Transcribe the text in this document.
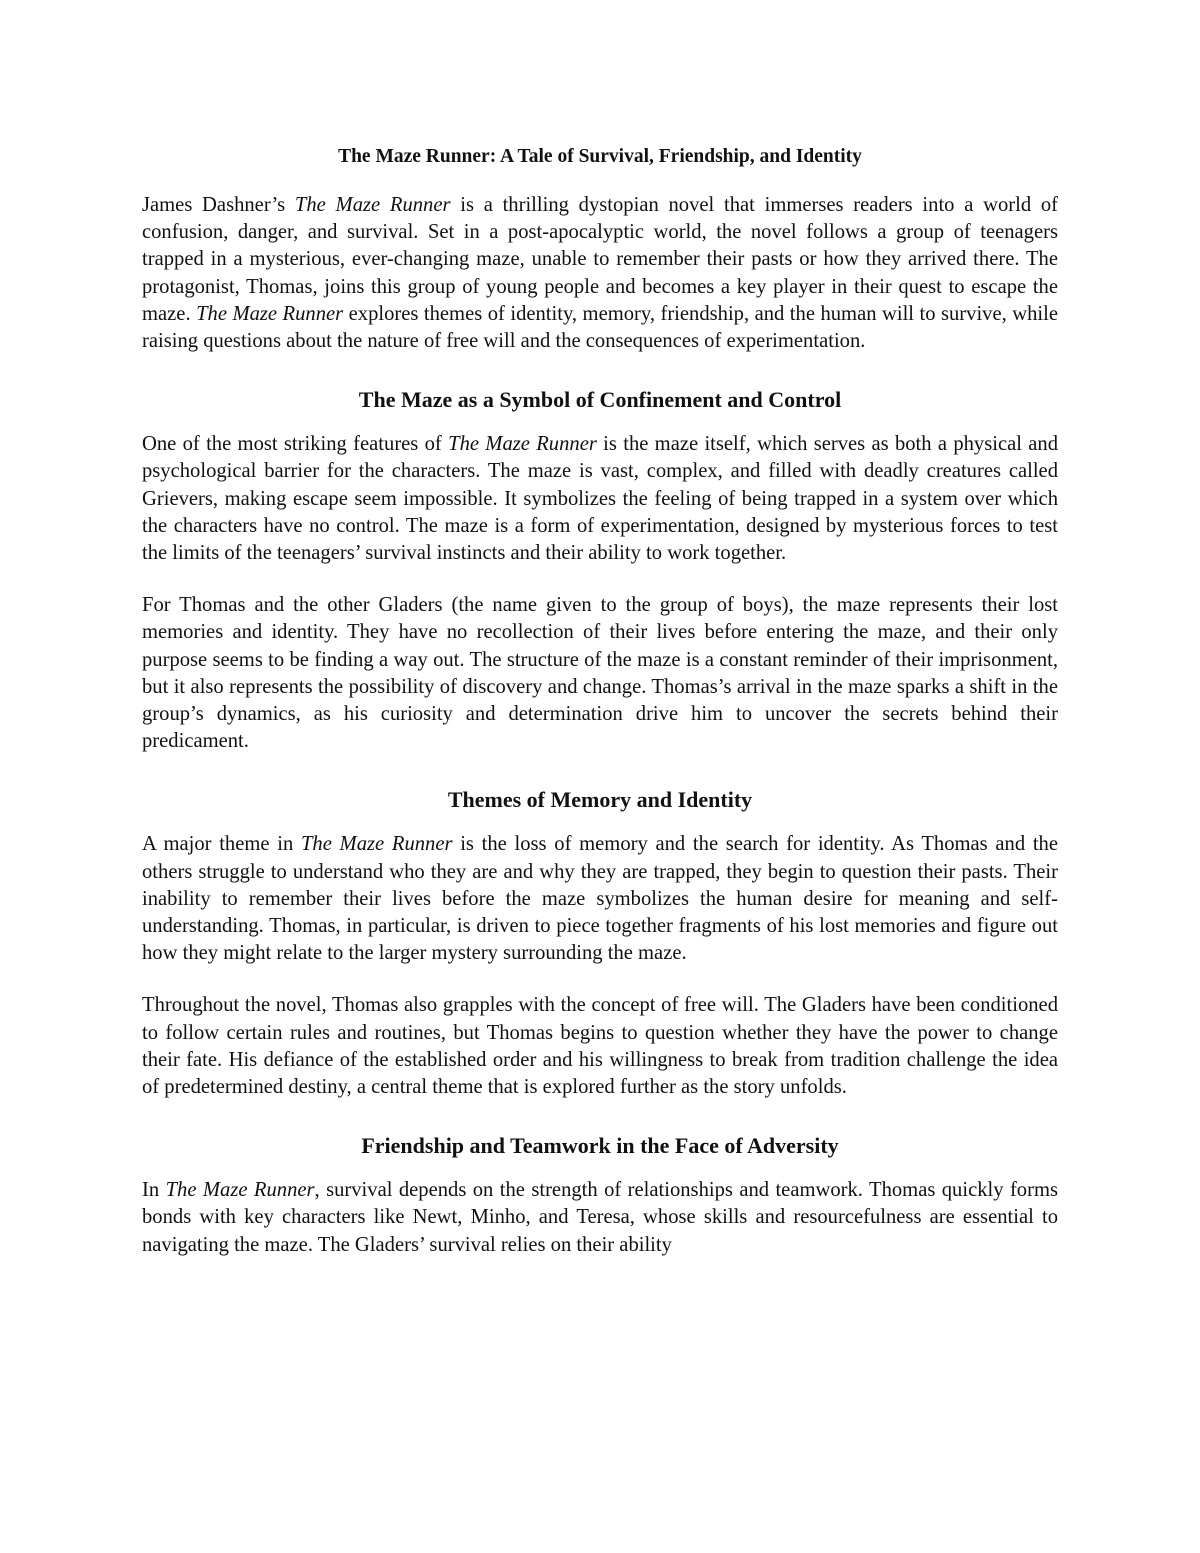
The Maze Runner: A Tale of Survival, Friendship, and Identity

James Dashner’s The Maze Runner is a thrilling dystopian novel that immerses readers into a world of confusion, danger, and survival. Set in a post-apocalyptic world, the novel follows a group of teenagers trapped in a mysterious, ever-changing maze, unable to remember their pasts or how they arrived there. The protagonist, Thomas, joins this group of young people and becomes a key player in their quest to escape the maze. The Maze Runner explores themes of identity, memory, friendship, and the human will to survive, while raising questions about the nature of free will and the consequences of experimentation.

The Maze as a Symbol of Confinement and Control

One of the most striking features of The Maze Runner is the maze itself, which serves as both a physical and psychological barrier for the characters. The maze is vast, complex, and filled with deadly creatures called Grievers, making escape seem impossible. It symbolizes the feeling of being trapped in a system over which the characters have no control. The maze is a form of experimentation, designed by mysterious forces to test the limits of the teenagers’ survival instincts and their ability to work together.

For Thomas and the other Gladers (the name given to the group of boys), the maze represents their lost memories and identity. They have no recollection of their lives before entering the maze, and their only purpose seems to be finding a way out. The structure of the maze is a constant reminder of their imprisonment, but it also represents the possibility of discovery and change. Thomas’s arrival in the maze sparks a shift in the group’s dynamics, as his curiosity and determination drive him to uncover the secrets behind their predicament.

Themes of Memory and Identity

A major theme in The Maze Runner is the loss of memory and the search for identity. As Thomas and the others struggle to understand who they are and why they are trapped, they begin to question their pasts. Their inability to remember their lives before the maze symbolizes the human desire for meaning and self-understanding. Thomas, in particular, is driven to piece together fragments of his lost memories and figure out how they might relate to the larger mystery surrounding the maze.

Throughout the novel, Thomas also grapples with the concept of free will. The Gladers have been conditioned to follow certain rules and routines, but Thomas begins to question whether they have the power to change their fate. His defiance of the established order and his willingness to break from tradition challenge the idea of predetermined destiny, a central theme that is explored further as the story unfolds.

Friendship and Teamwork in the Face of Adversity

In The Maze Runner, survival depends on the strength of relationships and teamwork. Thomas quickly forms bonds with key characters like Newt, Minho, and Teresa, whose skills and resourcefulness are essential to navigating the maze. The Gladers’ survival relies on their ability
